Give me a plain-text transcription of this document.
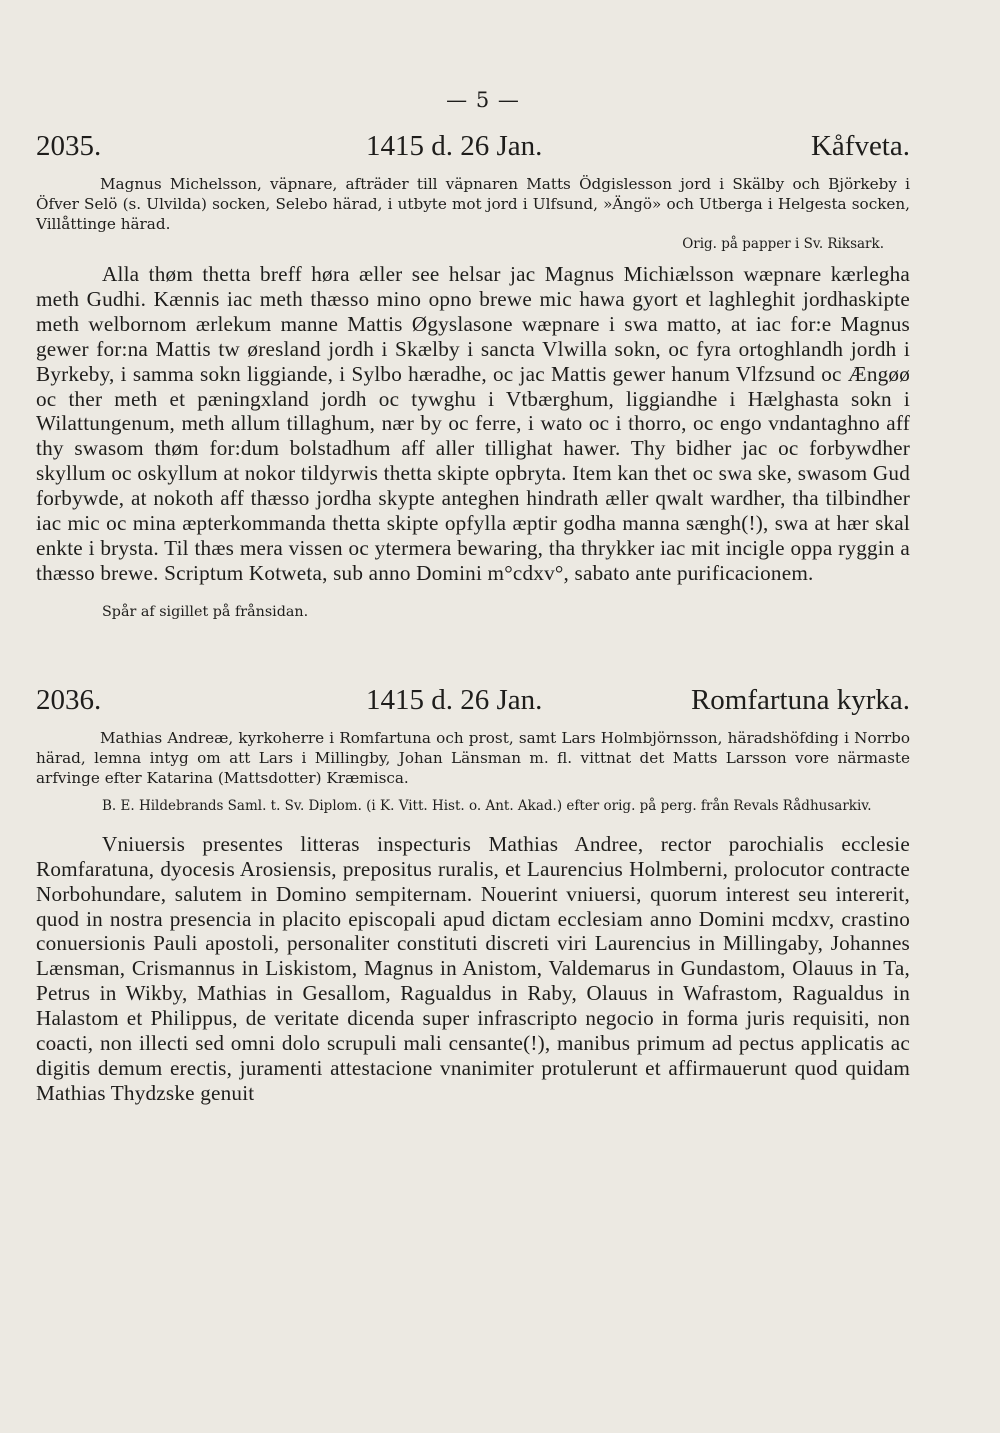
— 5 —
2035.	1415 d. 26 Jan.	Kåfveta.

Magnus Michelsson, väpnare, afträder till väpnaren Matts Ödgislesson jord i Skälby och Björkeby i Öfver Selö (s. Ulvilda) socken, Selebo härad, i utbyte mot jord i Ulfsund, »Ängö» och Utberga i Helgesta socken, Villåttinge härad.

Orig. på papper i Sv. Riksark.

Alla thøm thetta breff høra æller see helsar jac Magnus Michiælsson wæpnare kærlegha meth Gudhi. Kænnis iac meth thæsso mino opno brewe mic hawa gyort et laghleghit jordhaskipte meth welbornom ærlekum manne Mattis Øgyslasone wæpnare i swa matto, at iac for:e Magnus gewer for:na Mattis tw øresland jordh i Skælby i sancta Vlwilla sokn, oc fyra ortoghlandh jordh i Byrkeby, i samma sokn liggiande, i Sylbo hæradhe, oc jac Mattis gewer hanum Vlfzsund oc Ængøø oc ther meth et pæningxland jordh oc tywghu i Vtbærghum, liggiandhe i Hælghasta sokn i Wilattungenum, meth allum tillaghum, nær by oc ferre, i wato oc i thorro, oc engo vndantaghno aff thy swasom thøm for:dum bolstadhum aff aller tillighat hawer. Thy bidher jac oc forbywdher skyllum oc oskyllum at nokor tildyrwis thetta skipte opbryta. Item kan thet oc swa ske, swasom Gud forbywde, at nokoth aff thæsso jordha skypte anteghen hindrath æller qwalt wardher, tha tilbindher iac mic oc mina æpterkommanda thetta skipte opfylla æptir godha manna sængh(!), swa at hær skal enkte i brysta. Til thæs mera vissen oc ytermera bewaring, tha thrykker iac mit incigle oppa ryggin a thæsso brewe. Scriptum Kotweta, sub anno Domini m°cdxv°, sabato ante purificacionem.

Spår af sigillet på frånsidan.
2036.	1415 d. 26 Jan.	Romfartuna kyrka.

Mathias Andreæ, kyrkoherre i Romfartuna och prost, samt Lars Holmbjörnsson, häradshöfding i Norrbo härad, lemna intyg om att Lars i Millingby, Johan Länsman m. fl. vittnat det Matts Larsson vore närmaste arfvinge efter Katarina (Mattsdotter) Kræmisca.

B. E. Hildebrands Saml. t. Sv. Diplom. (i K. Vitt. Hist. o. Ant. Akad.) efter orig. på perg. från Revals Rådhusarkiv.

Vniuersis presentes litteras inspecturis Mathias Andree, rector parochialis ecclesie Romfaratuna, dyocesis Arosiensis, prepositus ruralis, et Laurencius Holmberni, prolocutor contracte Norbohundare, salutem in Domino sempiternam. Nouerint vniuersi, quorum interest seu intererit, quod in nostra presencia in placito episcopali apud dictam ecclesiam anno Domini mcdxv, crastino conuersionis Pauli apostoli, personaliter constituti discreti viri Laurencius in Millingaby, Johannes Lænsman, Crismannus in Liskistom, Magnus in Anistom, Valdemarus in Gundastom, Olauus in Ta, Petrus in Wikby, Mathias in Gesallom, Ragualdus in Raby, Olauus in Wafrastom, Ragualdus in Halastom et Philippus, de veritate dicenda super infrascripto negocio in forma juris requisiti, non coacti, non illecti sed omni dolo scrupuli mali censante(!), manibus primum ad pectus applicatis ac digitis demum erectis, juramenti attestacione vnanimiter protulerunt et affirmauerunt quod quidam Mathias Thydzske genuit
